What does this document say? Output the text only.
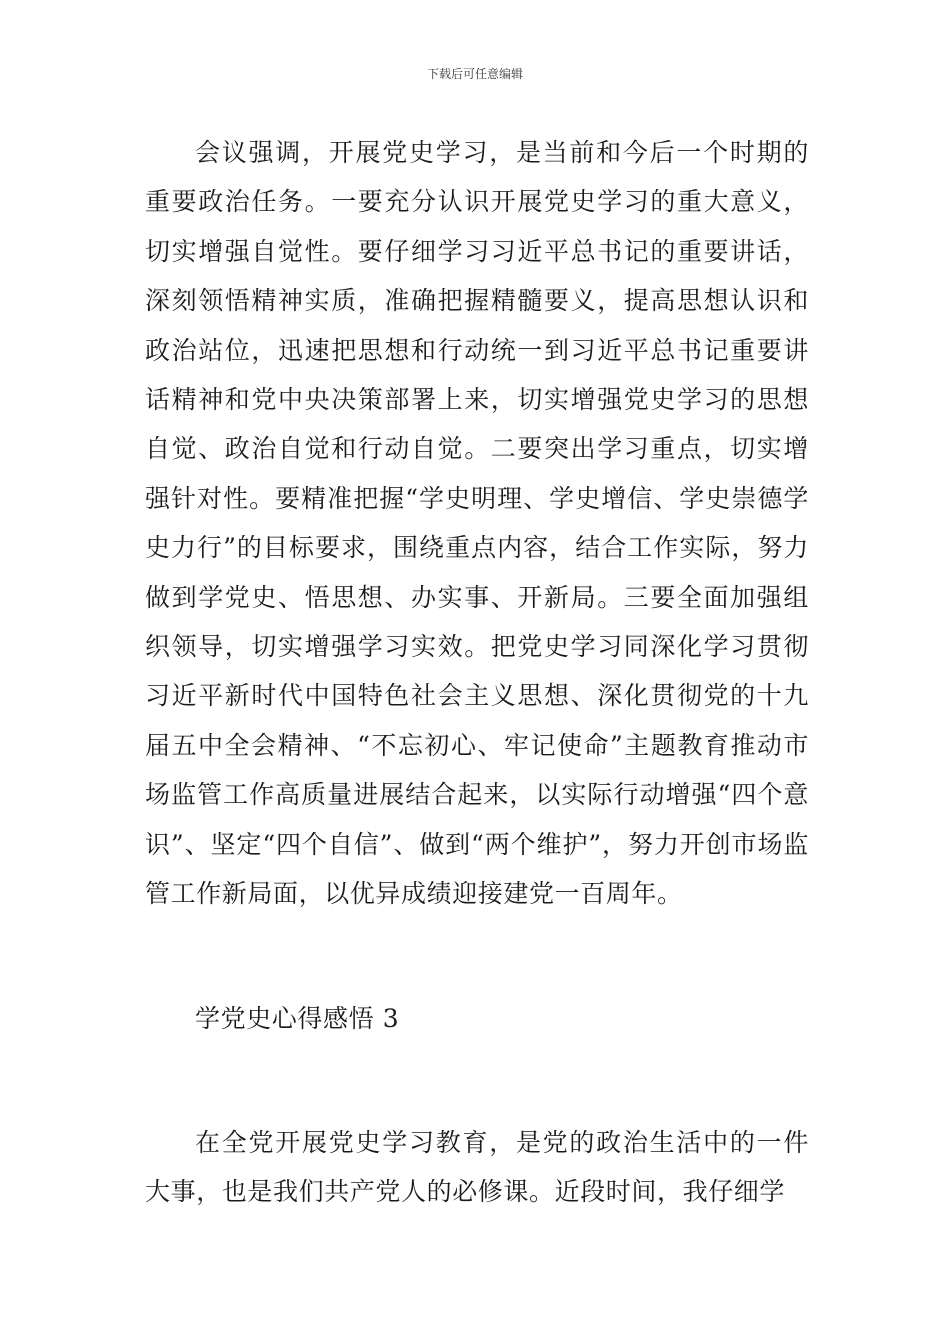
下载后可任意编辑

会议强调，开展党史学习，是当前和今后一个时期的重要政治任务。一要充分认识开展党史学习的重大意义，切实增强自觉性。要仔细学习习近平总书记的重要讲话，深刻领悟精神实质，准确把握精髓要义，提高思想认识和政治站位，迅速把思想和行动统一到习近平总书记重要讲话精神和党中央决策部署上来，切实增强党史学习的思想自觉、政治自觉和行动自觉。二要突出学习重点，切实增强针对性。要精准把握“学史明理、学史增信、学史崇德学史力行”的目标要求，围绕重点内容，结合工作实际，努力做到学党史、悟思想、办实事、开新局。三要全面加强组织领导，切实增强学习实效。把党史学习同深化学习贯彻习近平新时代中国特色社会主义思想、深化贯彻党的十九届五中全会精神、“不忘初心、牢记使命”主题教育推动市场监管工作高质量进展结合起来，以实际行动增强“四个意识”、坚定“四个自信”、做到“两个维护”，努力开创市场监管工作新局面，以优异成绩迎接建党一百周年。

学党史心得感悟 3

在全党开展党史学习教育，是党的政治生活中的一件大事，也是我们共产党人的必修课。近段时间，我仔细学
